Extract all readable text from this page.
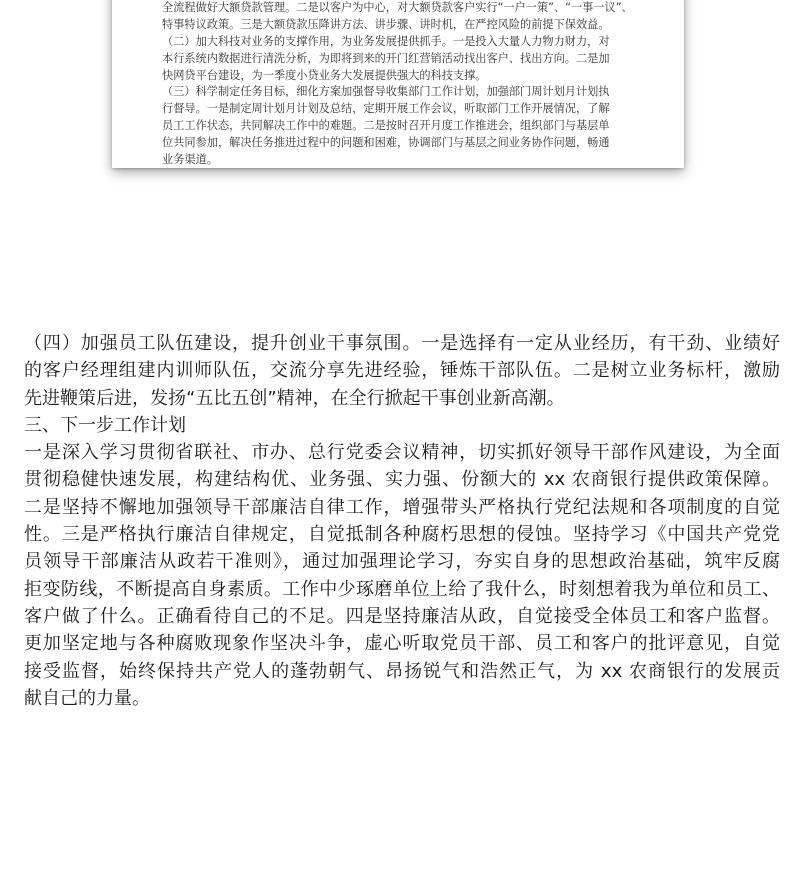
全流程做好大额贷款管理。二是以客户为中心，对大额贷款客户实行“一户一策”、“一事一议”、
特事特议政策。三是大额贷款压降讲方法、讲步骤、讲时机，在严控风险的前提下保效益。
（二）加大科技对业务的支撑作用，为业务发展提供抓手。一是投入大量人力物力财力，对
本行系统内数据进行清洗分析，为即将到来的开门红营销活动找出客户、找出方向。二是加
快网贷平台建设，为一季度小贷业务大发展提供强大的科技支撑。
（三）科学制定任务目标，细化方案加强督导收集部门工作计划，加强部门周计划月计划执
行督导。一是制定周计划月计划及总结，定期开展工作会议，听取部门工作开展情况，了解
员工工作状态，共同解决工作中的难题。二是按时召开月度工作推进会，组织部门与基层单
位共同参加，解决任务推进过程中的问题和困难，协调部门与基层之间业务协作问题，畅通
业务渠道。
（四）加强员工队伍建设，提升创业干事氛围。一是选择有一定从业经历，有干劲、业绩好
的客户经理组建内训师队伍，交流分享先进经验，锤炼干部队伍。二是树立业务标杆，激励
先进鞭策后进，发扬“五比五创”精神，在全行掀起干事创业新高潮。
三、下一步工作计划
一是深入学习贯彻省联社、市办、总行党委会议精神，切实抓好领导干部作风建设，为全面
贯彻稳健快速发展，构建结构优、业务强、实力强、份额大的 xx 农商银行提供政策保障。
二是坚持不懈地加强领导干部廉洁自律工作，增强带头严格执行党纪法规和各项制度的自觉
性。三是严格执行廉洁自律规定，自觉抵制各种腐朽思想的侵蚀。坚持学习《中国共产党党
员领导干部廉洁从政若干准则》，通过加强理论学习，夯实自身的思想政治基础，筑牢反腐
拒变防线，不断提高自身素质。工作中少琢磨单位上给了我什么，时刻想着我为单位和员工、
客户做了什么。正确看待自己的不足。四是坚持廉洁从政，自觉接受全体员工和客户监督。
更加坚定地与各种腐败现象作坚决斗争，虚心听取党员干部、员工和客户的批评意见，自觉
接受监督，始终保持共产党人的蓬勃朝气、昂扬锐气和浩然正气，为 xx 农商银行的发展贡
献自己的力量。
